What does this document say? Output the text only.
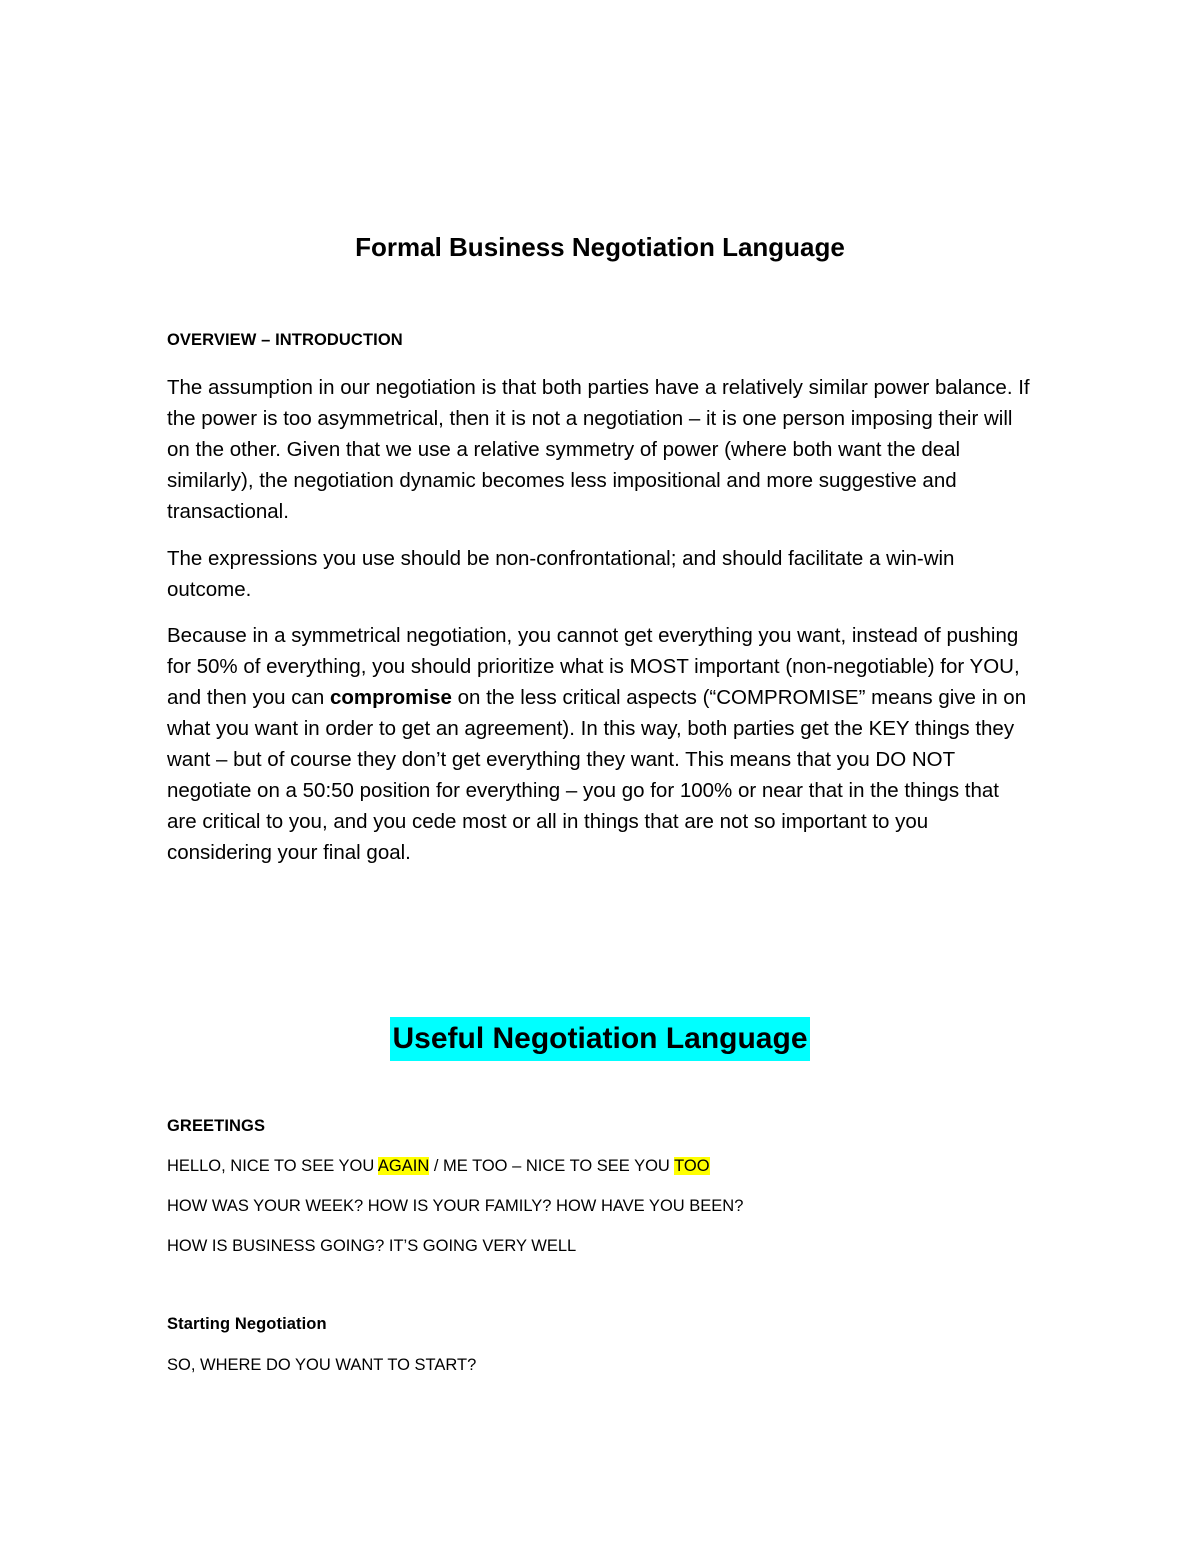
Formal Business Negotiation Language

OVERVIEW – INTRODUCTION

The assumption in our negotiation is that both parties have a relatively similar power balance. If the power is too asymmetrical, then it is not a negotiation – it is one person imposing their will on the other. Given that we use a relative symmetry of power (where both want the deal similarly), the negotiation dynamic becomes less impositional and more suggestive and transactional.

The expressions you use should be non-confrontational; and should facilitate a win-win outcome.

Because in a symmetrical negotiation, you cannot get everything you want, instead of pushing for 50% of everything, you should prioritize what is MOST important (non-negotiable) for YOU, and then you can compromise on the less critical aspects (“COMPROMISE” means give in on what you want in order to get an agreement). In this way, both parties get the KEY things they want – but of course they don’t get everything they want. This means that you DO NOT negotiate on a 50:50 position for everything – you go for 100% or near that in the things that are critical to you, and you cede most or all in things that are not so important to you considering your final goal.

Useful Negotiation Language

GREETINGS

HELLO, NICE TO SEE YOU AGAIN / ME TOO – NICE TO SEE YOU TOO

HOW WAS YOUR WEEK? HOW IS YOUR FAMILY? HOW HAVE YOU BEEN?

HOW IS BUSINESS GOING? IT’S GOING VERY WELL

Starting Negotiation

SO, WHERE DO YOU WANT TO START?
